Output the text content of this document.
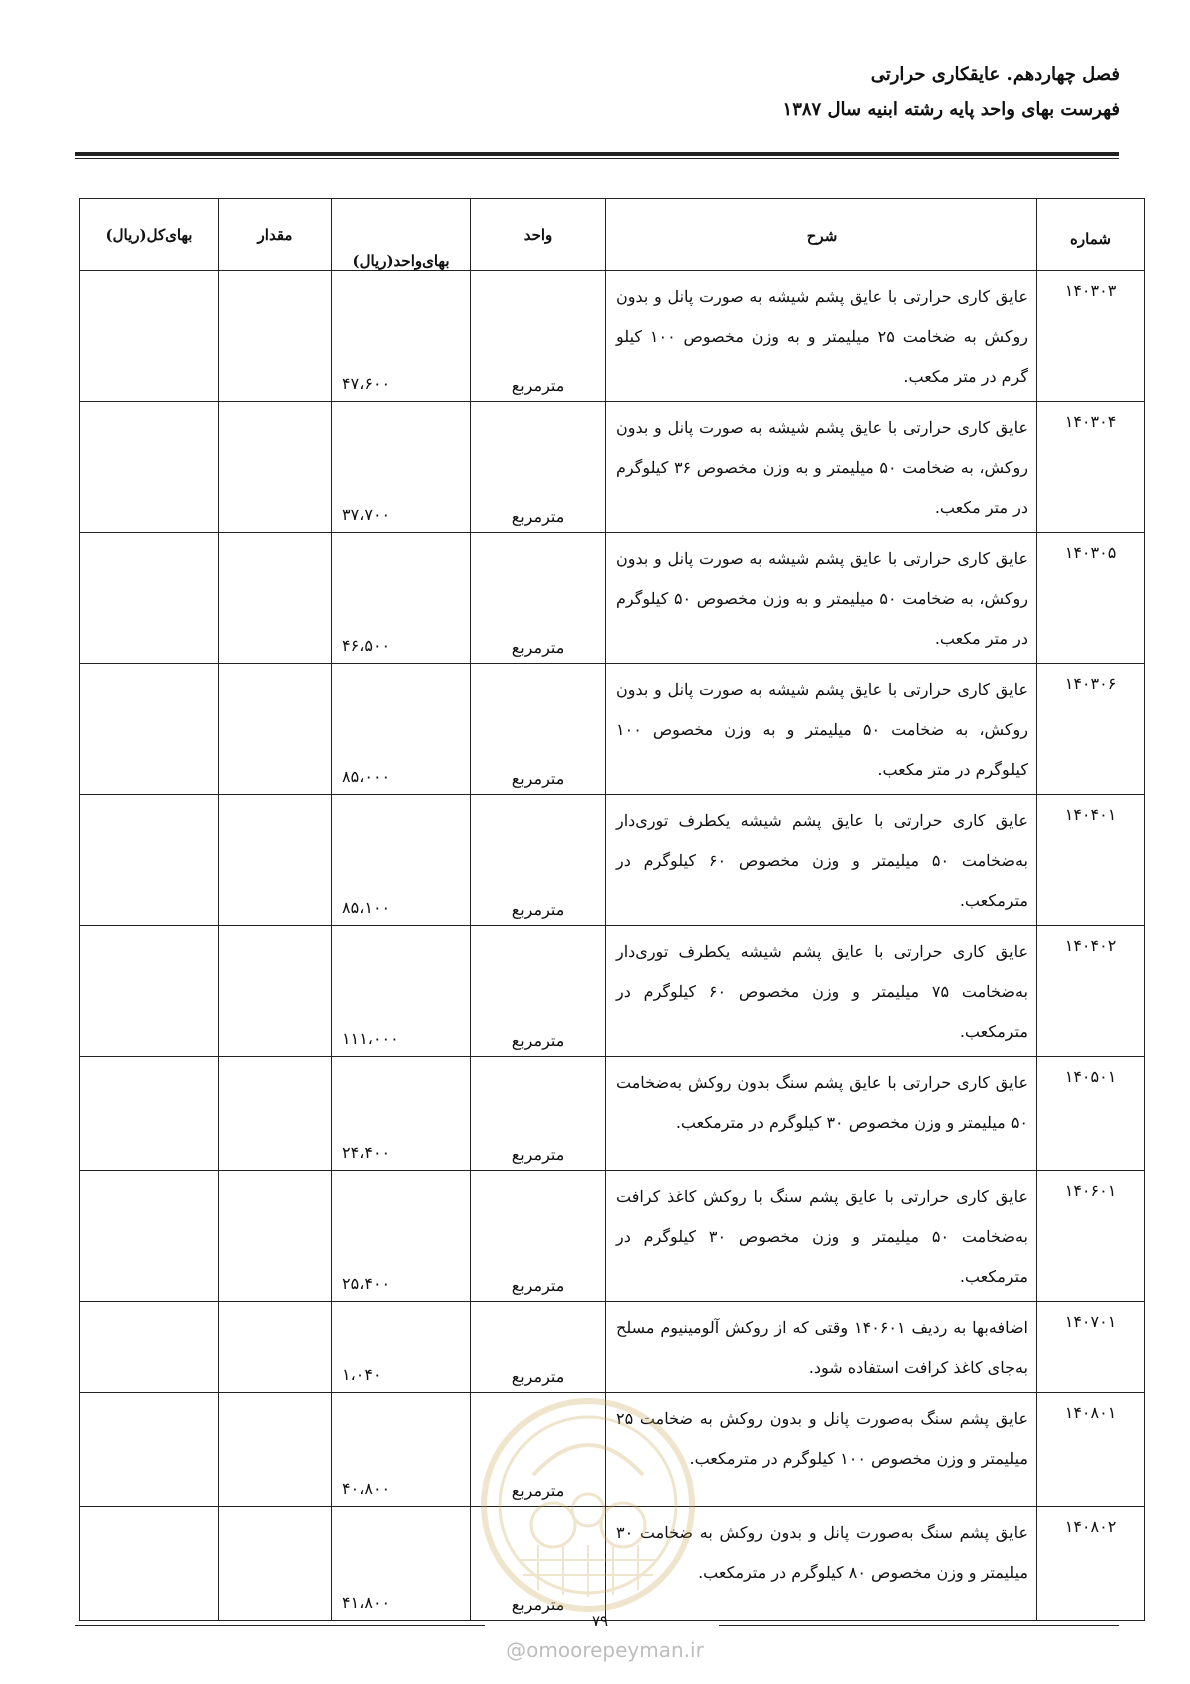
فصل چهاردهم. عایقکاری حرارتی
فهرست بهای واحد پایه رشته ابنیه سال ۱۳۸۷
شماره	شرح	واحد	بهای‌واحد(ریال)	مقدار	بهای‌کل(ریال)
۱۴۰۳۰۳	عایق کاری حرارتی با عایق پشم شیشه به صورت پانل و بدون روکش به ضخامت ۲۵ میلیمتر و به وزن مخصوص ۱۰۰ کیلو گرم در متر مکعب.	مترمربع	۴۷،۶۰۰		
۱۴۰۳۰۴	عایق کاری حرارتی با عایق پشم شیشه به صورت پانل و بدون روکش، به ضخامت ۵۰ میلیمتر و به وزن مخصوص ۳۶ کیلوگرم در متر مکعب.	مترمربع	۳۷،۷۰۰		
۱۴۰۳۰۵	عایق کاری حرارتی با عایق پشم شیشه به صورت پانل و بدون روکش، به ضخامت ۵۰ میلیمتر و به وزن مخصوص ۵۰ کیلوگرم در متر مکعب.	مترمربع	۴۶،۵۰۰		
۱۴۰۳۰۶	عایق کاری حرارتی با عایق پشم شیشه به صورت پانل و بدون روکش، به ضخامت ۵۰ میلیمتر و به وزن مخصوص ۱۰۰ کیلوگرم در متر مکعب.	مترمربع	۸۵،۰۰۰		
۱۴۰۴۰۱	عایق کاری حرارتی با عایق پشم شیشه یکطرف توری‌دار به‌ضخامت ۵۰ میلیمتر و وزن مخصوص ۶۰ کیلوگرم در مترمکعب.	مترمربع	۸۵،۱۰۰		
۱۴۰۴۰۲	عایق کاری حرارتی با عایق پشم شیشه یکطرف توری‌دار به‌ضخامت ۷۵ میلیمتر و وزن مخصوص ۶۰ کیلوگرم در مترمکعب.	مترمربع	۱۱۱،۰۰۰		
۱۴۰۵۰۱	عایق کاری حرارتی با عایق پشم سنگ بدون روکش به‌ضخامت ۵۰ میلیمتر و وزن مخصوص ۳۰ کیلوگرم در مترمکعب.	مترمربع	۲۴،۴۰۰		
۱۴۰۶۰۱	عایق کاری حرارتی با عایق پشم سنگ با روکش کاغذ کرافت به‌ضخامت ۵۰ میلیمتر و وزن مخصوص ۳۰ کیلوگرم در مترمکعب.	مترمربع	۲۵،۴۰۰		
۱۴۰۷۰۱	اضافه‌بها به ردیف ۱۴۰۶۰۱ وقتی که از روکش آلومینیوم مسلح به‌جای کاغذ کرافت استفاده شود.	مترمربع	۱،۰۴۰		
۱۴۰۸۰۱	عایق پشم سنگ به‌صورت پانل و بدون روکش به ضخامت ۲۵ میلیمتر و وزن مخصوص ۱۰۰ کیلوگرم در مترمکعب.	مترمربع	۴۰،۸۰۰		
۱۴۰۸۰۲	عایق پشم سنگ به‌صورت پانل و بدون روکش به ضخامت ۳۰ میلیمتر و وزن مخصوص ۸۰ کیلوگرم در مترمکعب.	مترمربع	۴۱،۸۰۰		
۷۹
@omoorepeyman.ir
